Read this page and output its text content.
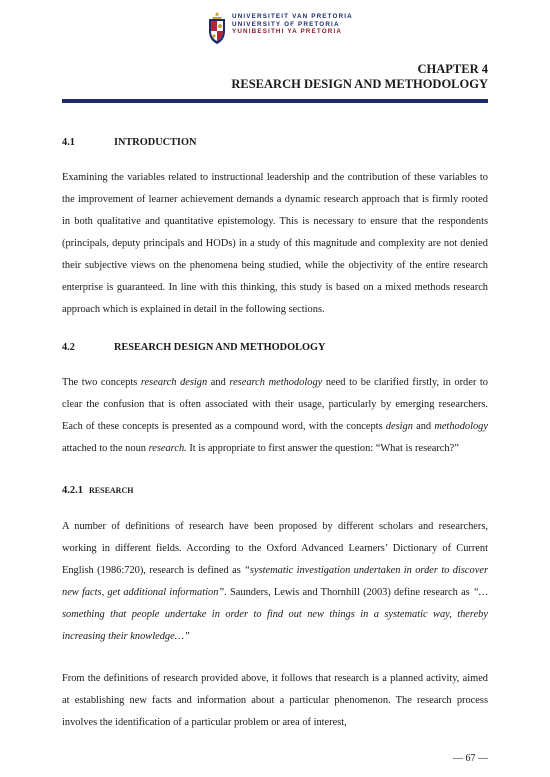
UNIVERSITEIT VAN PRETORIA
UNIVERSITY OF PRETORIA
YUNIBESITHI YA PRETORIA
CHAPTER 4
RESEARCH DESIGN AND METHODOLOGY
4.1	INTRODUCTION

Examining the variables related to instructional leadership and the contribution of these variables to the improvement of learner achievement demands a dynamic research approach that is firmly rooted in both qualitative and quantitative epistemology. This is necessary to ensure that the respondents (principals, deputy principals and HODs) in a study of this magnitude and complexity are not denied their subjective views on the phenomena being studied, while the objectivity of the entire research enterprise is guaranteed. In line with this thinking, this study is based on a mixed methods research approach which is explained in detail in the following sections.

4.2	RESEARCH DESIGN AND METHODOLOGY

The two concepts research design and research methodology need to be clarified firstly, in order to clear the confusion that is often associated with their usage, particularly by emerging researchers. Each of these concepts is presented as a compound word, with the concepts design and methodology attached to the noun research. It is appropriate to first answer the question: “What is research?”

4.2.1 RESEARCH

A number of definitions of research have been proposed by different scholars and researchers, working in different fields. According to the Oxford Advanced Learners’ Dictionary of Current English (1986:720), research is defined as “systematic investigation undertaken in order to discover new facts, get additional information”. Saunders, Lewis and Thornhill (2003) define research as “…something that people undertake in order to find out new things in a systematic way, thereby increasing their knowledge…”

From the definitions of research provided above, it follows that research is a planned activity, aimed at establishing new facts and information about a particular phenomenon. The research process involves the identification of a particular problem or area of interest,

— 67 —
